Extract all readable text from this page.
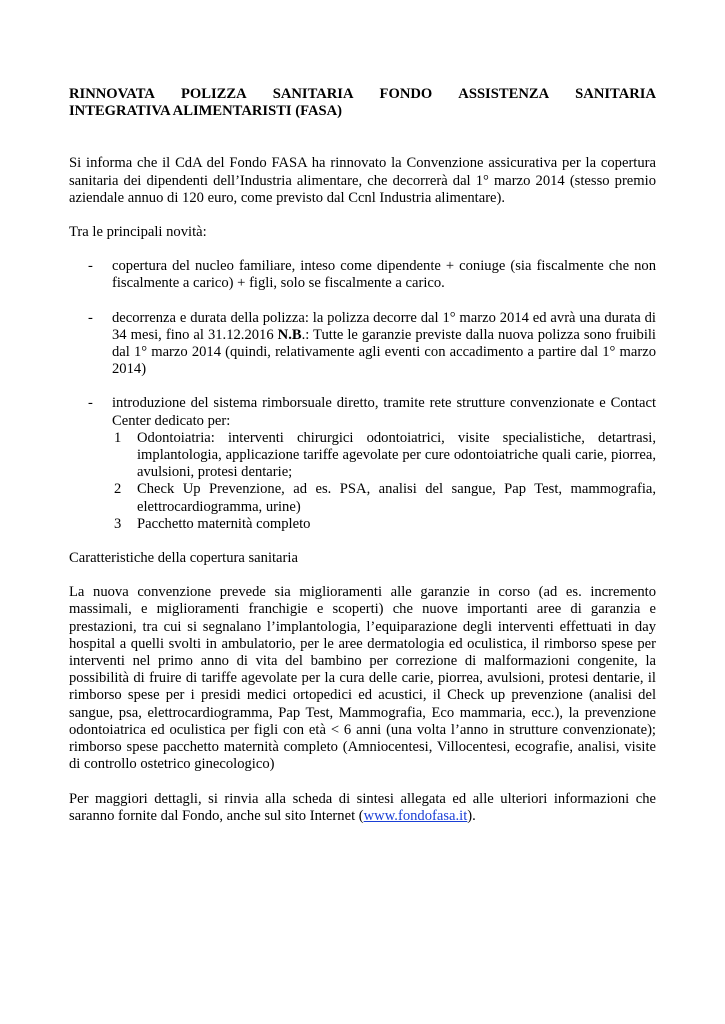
RINNOVATA POLIZZA SANITARIA FONDO ASSISTENZA SANITARIA
INTEGRATIVA ALIMENTARISTI (FASA)

Si informa che il CdA del Fondo FASA ha rinnovato la Convenzione assicurativa per la copertura sanitaria dei dipendenti dell’Industria alimentare, che decorrerà dal 1° marzo 2014 (stesso premio aziendale annuo di 120 euro, come previsto dal Ccnl Industria alimentare).

Tra le principali novità:

- copertura del nucleo familiare, inteso come dipendente + coniuge (sia fiscalmente che non fiscalmente a carico) + figli, solo se fiscalmente a carico.
- decorrenza e durata della polizza: la polizza decorre dal 1° marzo 2014 ed avrà una durata di 34 mesi, fino al 31.12.2016 N.B.: Tutte le garanzie previste dalla nuova polizza sono fruibili dal 1° marzo 2014 (quindi, relativamente agli eventi con accadimento a partire dal 1° marzo 2014)
- introduzione del sistema rimborsuale diretto, tramite rete strutture convenzionate e Contact Center dedicato per:
1 Odontoiatria: interventi chirurgici odontoiatrici, visite specialistiche, detartrasi, implantologia, applicazione tariffe agevolate per cure odontoiatriche quali carie, piorrea, avulsioni, protesi dentarie;
2 Check Up Prevenzione, ad es. PSA, analisi del sangue, Pap Test, mammografia, elettrocardiogramma, urine)
3 Pacchetto maternità completo

Caratteristiche della copertura sanitaria

La nuova convenzione prevede sia miglioramenti alle garanzie in corso (ad es. incremento massimali, e miglioramenti franchigie e scoperti) che nuove importanti aree di garanzia e prestazioni, tra cui si segnalano l’implantologia, l’equiparazione degli interventi effettuati in day hospital a quelli svolti in ambulatorio, per le aree dermatologia ed oculistica, il rimborso spese per interventi nel primo anno di vita del bambino per correzione di malformazioni congenite, la possibilità di fruire di tariffe agevolate per la cura delle carie, piorrea, avulsioni, protesi dentarie, il rimborso spese per i presidi medici ortopedici ed acustici, il Check up prevenzione (analisi del sangue, psa, elettrocardiogramma, Pap Test, Mammografia, Eco mammaria, ecc.), la prevenzione odontoiatrica ed oculistica per figli con età < 6 anni (una volta l’anno in strutture convenzionate); rimborso spese pacchetto maternità completo (Amniocentesi, Villocentesi, ecografie, analisi, visite di controllo ostetrico ginecologico)

Per maggiori dettagli, si rinvia alla scheda di sintesi allegata ed alle ulteriori informazioni che saranno fornite dal Fondo, anche sul sito Internet (www.fondofasa.it).
